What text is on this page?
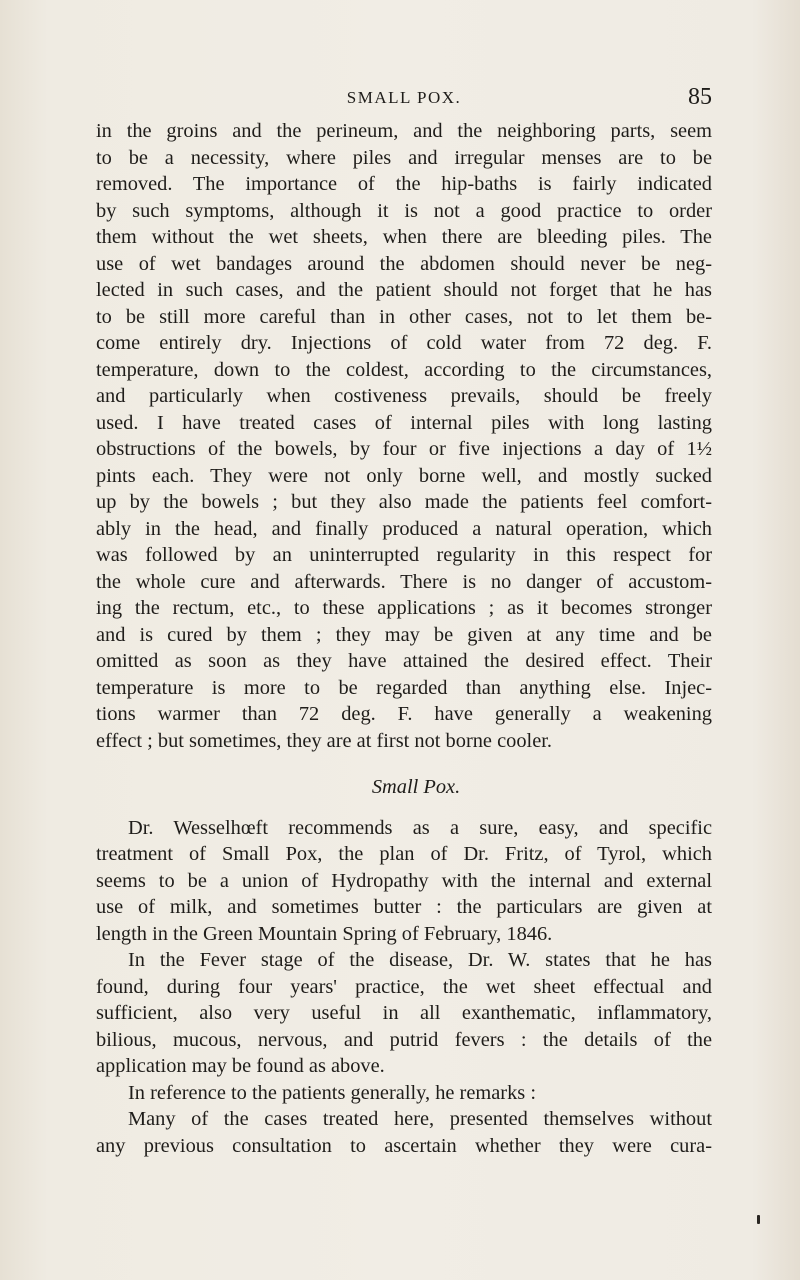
SMALL POX.	85
in the groins and the perineum, and the neighboring parts, seem
to be a necessity, where piles and irregular menses are to be
removed. The importance of the hip-baths is fairly indicated
by such symptoms, although it is not a good practice to order
them without the wet sheets, when there are bleeding piles. The
use of wet bandages around the abdomen should never be neg-
lected in such cases, and the patient should not forget that he has
to be still more careful than in other cases, not to let them be-
come entirely dry. Injections of cold water from 72 deg. F.
temperature, down to the coldest, according to the circumstances,
and particularly when costiveness prevails, should be freely
used. I have treated cases of internal piles with long lasting
obstructions of the bowels, by four or five injections a day of 1½
pints each. They were not only borne well, and mostly sucked
up by the bowels ; but they also made the patients feel comfort-
ably in the head, and finally produced a natural operation, which
was followed by an uninterrupted regularity in this respect for
the whole cure and afterwards. There is no danger of accustom-
ing the rectum, etc., to these applications ; as it becomes stronger
and is cured by them ; they may be given at any time and be
omitted as soon as they have attained the desired effect. Their
temperature is more to be regarded than anything else. Injec-
tions warmer than 72 deg. F. have generally a weakening
effect ; but sometimes, they are at first not borne cooler.
Small Pox.
Dr. Wesselhœft recommends as a sure, easy, and specific
treatment of Small Pox, the plan of Dr. Fritz, of Tyrol, which
seems to be a union of Hydropathy with the internal and external
use of milk, and sometimes butter : the particulars are given at
length in the Green Mountain Spring of February, 1846.
In the Fever stage of the disease, Dr. W. states that he has
found, during four years' practice, the wet sheet effectual and
sufficient, also very useful in all exanthematic, inflammatory,
bilious, mucous, nervous, and putrid fevers : the details of the
application may be found as above.
In reference to the patients generally, he remarks :
Many of the cases treated here, presented themselves without
any previous consultation to ascertain whether they were cura-
